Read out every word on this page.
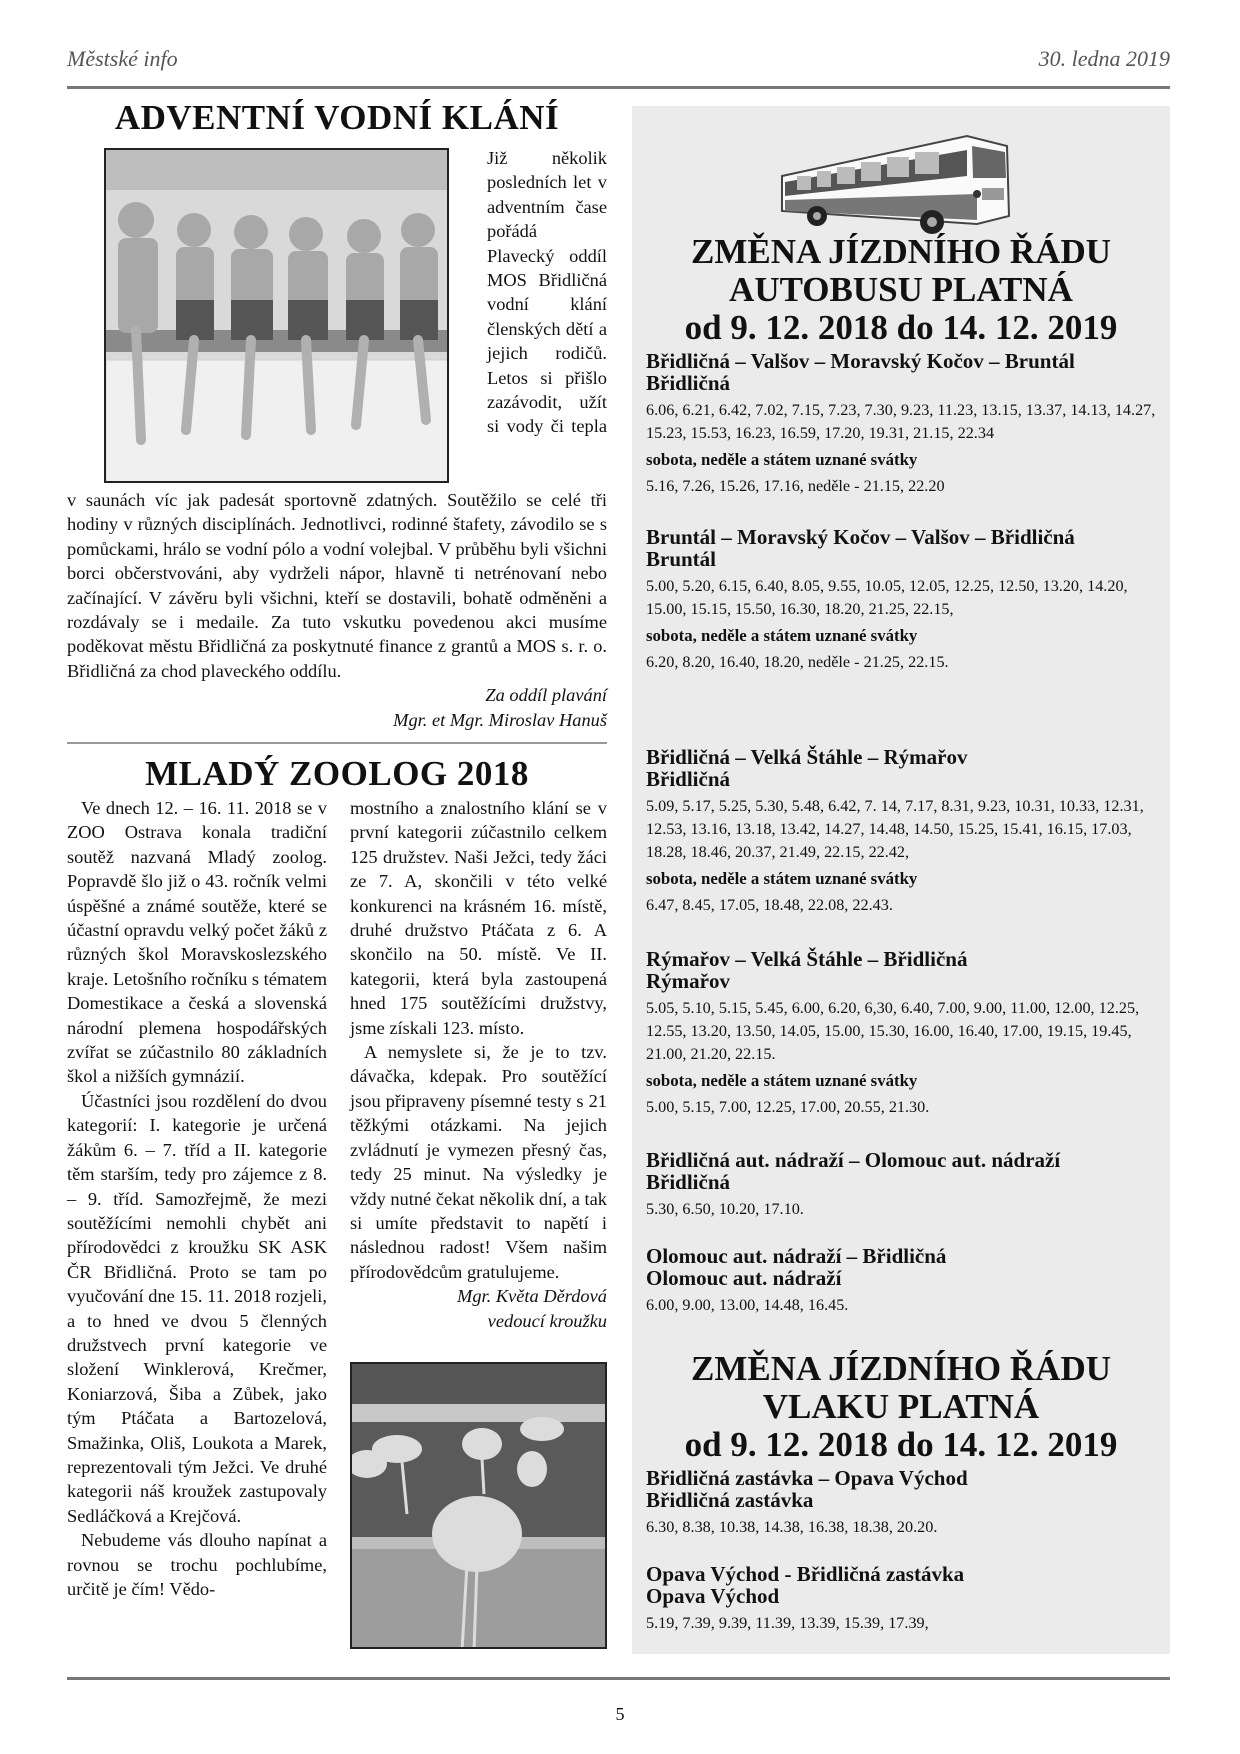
Městské info	30. ledna 2019
ADVENTNÍ VODNÍ KLÁNÍ

Již několik posledních let v adventním čase pořádá Plavecký oddíl MOS Břidličná vodní klání členských dětí a jejich rodičů. Letos si přišlo zazávodit, užít si vody či tepla

v saunách víc jak padesát sportovně zdatných. Soutěžilo se celé tři hodiny v různých disciplínách. Jednotlivci, rodinné štafety, závodilo se s pomůckami, hrálo se vodní pólo a vodní volejbal. V průběhu byli všichni borci občerstvováni, aby vydrželi nápor, hlavně ti netrénovaní nebo začínající. V závěru byli všichni, kteří se dostavili, bohatě odměněni a rozdávaly se i medaile. Za tuto vskutku povedenou akci musíme poděkovat městu Břidličná za poskytnuté finance z grantů a MOS s. r. o. Břidličná za chod plaveckého oddílu.

Za oddíl plavání
Mgr. et Mgr. Miroslav Hanuš
MLADÝ ZOOLOG 2018

Ve dnech 12. – 16. 11. 2018 se v ZOO Ostrava konala tradiční soutěž nazvaná Mladý zoolog. Popravdě šlo již o 43. ročník velmi úspěšné a známé soutěže, které se účastní opravdu velký počet žáků z různých škol Moravskoslezského kraje. Letošního ročníku s tématem Domestikace a česká a slovenská národní plemena hospodářských zvířat se zúčastnilo 80 základních škol a nižších gymnázií.

Účastníci jsou rozdělení do dvou kategorií: I. kategorie je určená žákům 6. – 7. tříd a II. kategorie těm starším, tedy pro zájemce z 8. – 9. tříd. Samozřejmě, že mezi soutěžícími nemohli chybět ani přírodovědci z kroužku SK ASK ČR Břidličná. Proto se tam po vyučování dne 15. 11. 2018 rozjeli, a to hned ve dvou 5 členných družstvech první kategorie ve složení Winklerová, Krečmer, Koniarzová, Šiba a Zůbek, jako tým Ptáčata a Bartozelová, Smažinka, Oliš, Loukota a Marek, reprezentovali tým Ježci. Ve druhé kategorii náš kroužek zastupovaly Sedláčková a Krejčová.

Nebudeme vás dlouho napínat a rovnou se trochu pochlubíme, určitě je čím! Vědo-

mostního a znalostního klání se v první kategorii zúčastnilo celkem 125 družstev. Naši Ježci, tedy žáci ze 7. A, skončili v této velké konkurenci na krásném 16. místě, druhé družstvo Ptáčata z 6. A skončilo na 50. místě. Ve II. kategorii, která byla zastoupená hned 175 soutěžícími družstvy, jsme získali 123. místo.

A nemyslete si, že je to tzv. dávačka, kdepak. Pro soutěžící jsou připraveny písemné testy s 21 těžkými otázkami. Na jejich zvládnutí je vymezen přesný čas, tedy 25 minut. Na výsledky je vždy nutné čekat několik dní, a tak si umíte představit to napětí i následnou radost! Všem našim přírodovědcům gratulujeme.

Mgr. Květa Děrdová
vedoucí kroužku
ZMĚNA JÍZDNÍHO ŘÁDU
AUTOBUSU PLATNÁ
od 9. 12. 2018 do 14. 12. 2019
Břidličná – Valšov – Moravský Kočov – Bruntál
Břidličná
6.06, 6.21, 6.42, 7.02, 7.15, 7.23, 7.30, 9.23, 11.23, 13.15, 13.37, 14.13, 14.27, 15.23, 15.53, 16.23, 16.59, 17.20, 19.31, 21.15, 22.34
sobota, neděle a státem uznané svátky
5.16, 7.26, 15.26, 17.16, neděle - 21.15, 22.20
Bruntál – Moravský Kočov – Valšov – Břidličná
Bruntál
5.00, 5.20, 6.15, 6.40, 8.05, 9.55, 10.05, 12.05, 12.25, 12.50, 13.20, 14.20, 15.00, 15.15, 15.50, 16.30, 18.20, 21.25, 22.15,
sobota, neděle a státem uznané svátky
6.20, 8.20, 16.40, 18.20, neděle - 21.25, 22.15.
Břidličná – Velká Štáhle – Rýmařov
Břidličná
5.09, 5.17, 5.25, 5.30, 5.48, 6.42, 7. 14, 7.17, 8.31, 9.23, 10.31, 10.33, 12.31, 12.53, 13.16, 13.18, 13.42, 14.27, 14.48, 14.50, 15.25, 15.41, 16.15, 17.03, 18.28, 18.46, 20.37, 21.49, 22.15, 22.42,
sobota, neděle a státem uznané svátky
6.47, 8.45, 17.05, 18.48, 22.08, 22.43.
Rýmařov – Velká Štáhle – Břidličná
Rýmařov
5.05, 5.10, 5.15, 5.45, 6.00, 6.20, 6,30, 6.40, 7.00, 9.00, 11.00, 12.00, 12.25, 12.55, 13.20, 13.50, 14.05, 15.00, 15.30, 16.00, 16.40, 17.00, 19.15, 19.45, 21.00, 21.20, 22.15.
sobota, neděle a státem uznané svátky
5.00, 5.15, 7.00, 12.25, 17.00, 20.55, 21.30.
Břidličná aut. nádraží – Olomouc aut. nádraží
Břidličná
5.30, 6.50, 10.20, 17.10.
Olomouc aut. nádraží – Břidličná
Olomouc aut. nádraží
6.00, 9.00, 13.00, 14.48, 16.45.
ZMĚNA JÍZDNÍHO ŘÁDU
VLAKU PLATNÁ
od 9. 12. 2018 do 14. 12. 2019
Břidličná zastávka – Opava Východ
Břidličná zastávka
6.30, 8.38, 10.38, 14.38, 16.38, 18.38, 20.20.
Opava Východ - Břidličná zastávka
Opava Východ
5.19, 7.39, 9.39, 11.39, 13.39, 15.39, 17.39,
5
